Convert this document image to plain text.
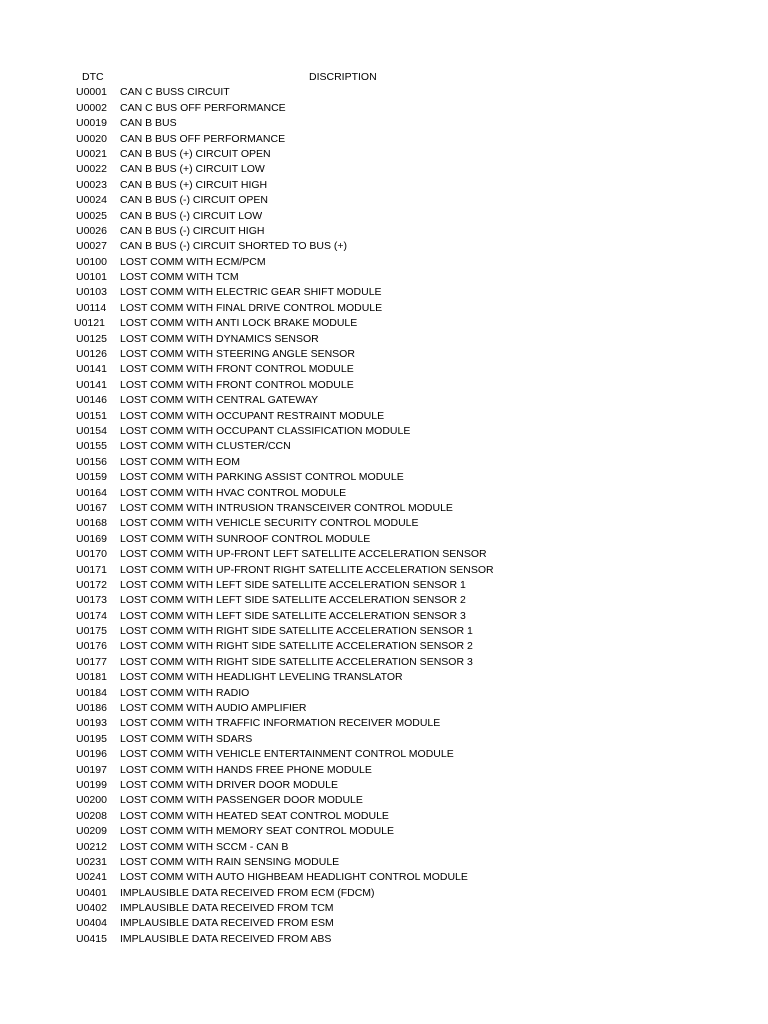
DTC	DISCRIPTION
U0001 CAN C BUSS CIRCUIT
U0002 CAN C BUS OFF PERFORMANCE
U0019 CAN B BUS
U0020 CAN B BUS OFF PERFORMANCE
U0021 CAN B BUS (+) CIRCUIT OPEN
U0022 CAN B BUS (+) CIRCUIT LOW
U0023 CAN B BUS (+) CIRCUIT HIGH
U0024 CAN B BUS (-) CIRCUIT OPEN
U0025 CAN B BUS (-) CIRCUIT LOW
U0026 CAN B BUS (-) CIRCUIT HIGH
U0027 CAN B BUS (-) CIRCUIT SHORTED TO BUS (+)
U0100 LOST COMM WITH ECM/PCM
U0101 LOST COMM WITH TCM
U0103 LOST COMM WITH ELECTRIC GEAR SHIFT MODULE
U0114 LOST COMM WITH FINAL DRIVE CONTROL MODULE
U0121 LOST COMM WITH ANTI LOCK BRAKE MODULE
U0125 LOST COMM WITH DYNAMICS SENSOR
U0126 LOST COMM WITH STEERING ANGLE SENSOR
U0141 LOST COMM WITH FRONT CONTROL MODULE
U0141 LOST COMM WITH FRONT CONTROL MODULE
U0146 LOST COMM WITH CENTRAL GATEWAY
U0151 LOST COMM WITH OCCUPANT RESTRAINT MODULE
U0154 LOST COMM WITH OCCUPANT CLASSIFICATION MODULE
U0155 LOST COMM WITH CLUSTER/CCN
U0156 LOST COMM WITH EOM
U0159 LOST COMM WITH PARKING ASSIST CONTROL MODULE
U0164 LOST COMM WITH HVAC CONTROL MODULE
U0167 LOST COMM WITH INTRUSION TRANSCEIVER CONTROL MODULE
U0168 LOST COMM WITH VEHICLE SECURITY CONTROL MODULE
U0169 LOST COMM WITH SUNROOF CONTROL MODULE
U0170 LOST COMM WITH UP-FRONT LEFT SATELLITE ACCELERATION SENSOR
U0171 LOST COMM WITH UP-FRONT RIGHT SATELLITE ACCELERATION SENSOR
U0172 LOST COMM WITH LEFT SIDE SATELLITE ACCELERATION SENSOR 1
U0173 LOST COMM WITH LEFT SIDE SATELLITE ACCELERATION SENSOR 2
U0174 LOST COMM WITH LEFT SIDE SATELLITE ACCELERATION SENSOR 3
U0175 LOST COMM WITH RIGHT SIDE SATELLITE ACCELERATION SENSOR 1
U0176 LOST COMM WITH RIGHT SIDE SATELLITE ACCELERATION SENSOR 2
U0177 LOST COMM WITH RIGHT SIDE SATELLITE ACCELERATION SENSOR 3
U0181 LOST COMM WITH HEADLIGHT LEVELING TRANSLATOR
U0184 LOST COMM WITH RADIO
U0186 LOST COMM WITH AUDIO AMPLIFIER
U0193 LOST COMM WITH TRAFFIC INFORMATION RECEIVER MODULE
U0195 LOST COMM WITH SDARS
U0196 LOST COMM WITH VEHICLE ENTERTAINMENT CONTROL MODULE
U0197 LOST COMM WITH HANDS FREE PHONE MODULE
U0199 LOST COMM WITH DRIVER DOOR MODULE
U0200 LOST COMM WITH PASSENGER DOOR MODULE
U0208 LOST COMM WITH HEATED SEAT CONTROL MODULE
U0209 LOST COMM WITH MEMORY SEAT CONTROL MODULE
U0212 LOST COMM WITH SCCM - CAN B
U0231 LOST COMM WITH RAIN SENSING MODULE
U0241 LOST COMM WITH AUTO HIGHBEAM HEADLIGHT CONTROL MODULE
U0401 IMPLAUSIBLE DATA RECEIVED FROM ECM (FDCM)
U0402 IMPLAUSIBLE DATA RECEIVED FROM TCM
U0404 IMPLAUSIBLE DATA RECEIVED FROM ESM
U0415 IMPLAUSIBLE DATA RECEIVED FROM ABS
